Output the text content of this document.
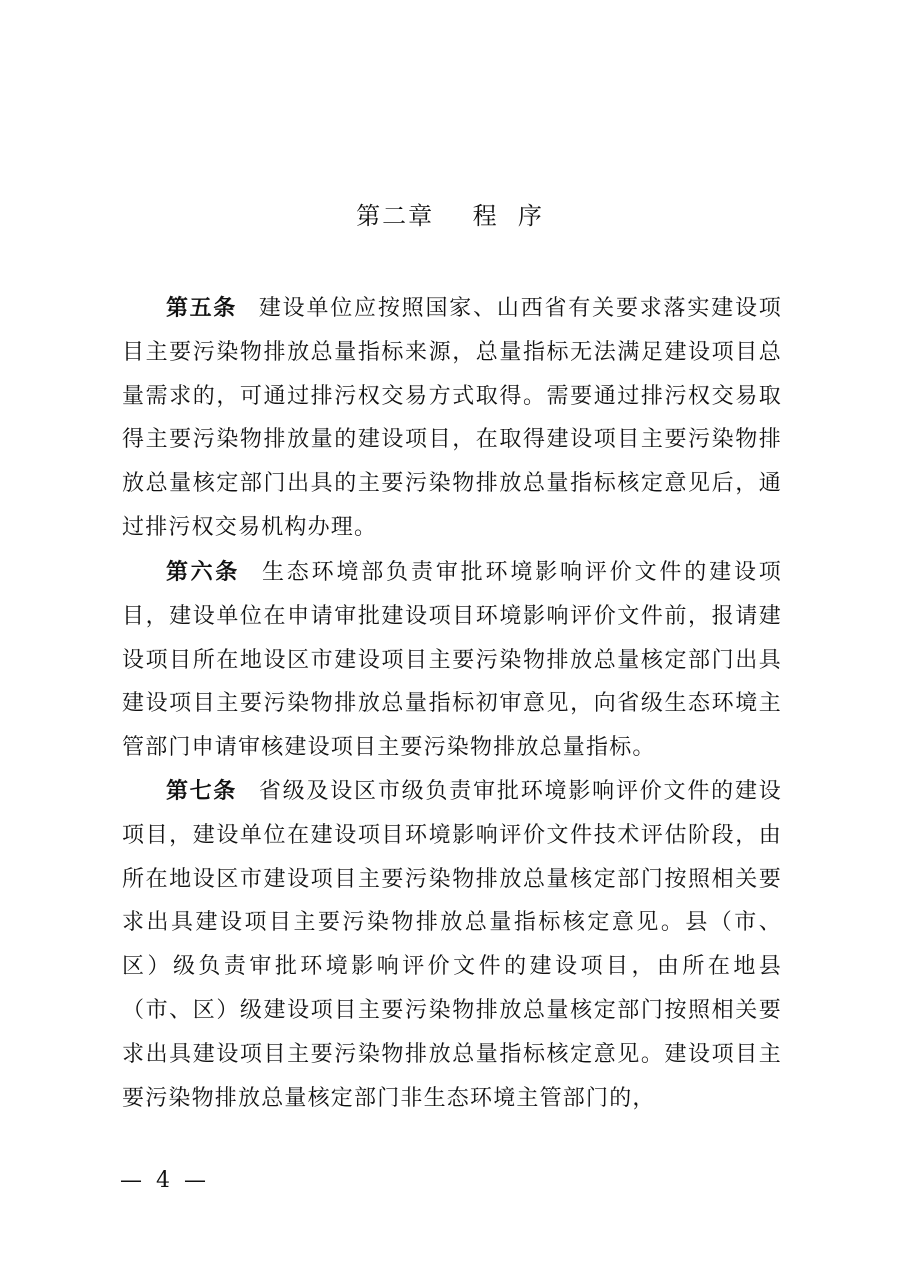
第二章    程  序

第五条 建设单位应按照国家、山西省有关要求落实建设项目主要污染物排放总量指标来源，总量指标无法满足建设项目总量需求的，可通过排污权交易方式取得。需要通过排污权交易取得主要污染物排放量的建设项目，在取得建设项目主要污染物排放总量核定部门出具的主要污染物排放总量指标核定意见后，通过排污权交易机构办理。

第六条 生态环境部负责审批环境影响评价文件的建设项目，建设单位在申请审批建设项目环境影响评价文件前，报请建设项目所在地设区市建设项目主要污染物排放总量核定部门出具建设项目主要污染物排放总量指标初审意见，向省级生态环境主管部门申请审核建设项目主要污染物排放总量指标。

第七条 省级及设区市级负责审批环境影响评价文件的建设项目，建设单位在建设项目环境影响评价文件技术评估阶段，由所在地设区市建设项目主要污染物排放总量核定部门按照相关要求出具建设项目主要污染物排放总量指标核定意见。县（市、区）级负责审批环境影响评价文件的建设项目，由所在地县（市、区）级建设项目主要污染物排放总量核定部门按照相关要求出具建设项目主要污染物排放总量指标核定意见。建设项目主要污染物排放总量核定部门非生态环境主管部门的，

—  4  —
